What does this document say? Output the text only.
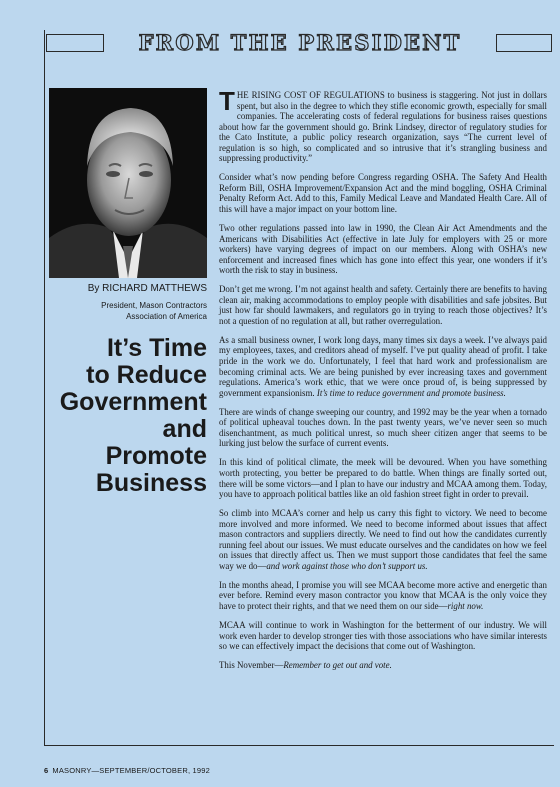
FROM THE PRESIDENT
By RICHARD MATTHEWS
President, Mason Contractors
Association of America
It’s Time
to Reduce
Government
and
Promote
Business

THE RISING COST OF REGULATIONS to business is staggering. Not just in dollars spent, but also in the degree to which they stifle economic growth, especially for small companies. The accelerating costs of federal regulations for business raises questions about how far the government should go. Brink Lindsey, director of regulatory studies for the Cato Institute, a public policy research organization, says “The current level of regulation is so high, so complicated and so intrusive that it’s strangling business and suppressing productivity.”

Consider what’s now pending before Congress regarding OSHA. The Safety And Health Reform Bill, OSHA Improvement/Expansion Act and the mind boggling, OSHA Criminal Penalty Reform Act. Add to this, Family Medical Leave and Mandated Health Care. All of this will have a major impact on your bottom line.

Two other regulations passed into law in 1990, the Clean Air Act Amendments and the Americans with Disabilities Act (effective in late July for employers with 25 or more workers) have varying degrees of impact on our members. Along with OSHA’s new enforcement and increased fines which has gone into effect this year, one wonders if it’s worth the risk to stay in business.

Don’t get me wrong. I’m not against health and safety. Certainly there are benefits to having clean air, making accommodations to employ people with disabilities and safe jobsites. But just how far should lawmakers, and regulators go in trying to reach those objectives? It’s not a question of no regulation at all, but rather overregulation.

As a small business owner, I work long days, many times six days a week. I’ve always paid my employees, taxes, and creditors ahead of myself. I’ve put quality ahead of profit. I take pride in the work we do. Unfortunately, I feel that hard work and professionalism are becoming criminal acts. We are being punished by ever increasing taxes and government regulations. America’s work ethic, that we were once proud of, is being suppressed by government expansionism. It’s time to reduce government and promote business.

There are winds of change sweeping our country, and 1992 may be the year when a tornado of political upheaval touches down. In the past twenty years, we’ve never seen so much disenchantment, as much political unrest, so much sheer citizen anger that seems to be lurking just below the surface of current events.

In this kind of political climate, the meek will be devoured. When you have something worth protecting, you better be prepared to do battle. When things are finally sorted out, there will be some victors—and I plan to have our industry and MCAA among them. Today, you have to approach political battles like an old fashion street fight in order to prevail.

So climb into MCAA’s corner and help us carry this fight to victory. We need to become more involved and more informed. We need to become informed about issues that affect mason contractors and suppliers directly. We need to find out how the candidates currently running feel about our issues. We must educate ourselves and the candidates on how we feel on issues that directly affect us. Then we must support those candidates that feel the same way we do—and work against those who don’t support us.

In the months ahead, I promise you will see MCAA become more active and energetic than ever before. Remind every mason contractor you know that MCAA is the only voice they have to protect their rights, and that we need them on our side—right now.

MCAA will continue to work in Washington for the betterment of our industry. We will work even harder to develop stronger ties with those associations who have similar interests so we can effectively impact the decisions that come out of Washington.

This November—Remember to get out and vote.

6 MASONRY—SEPTEMBER/OCTOBER, 1992
